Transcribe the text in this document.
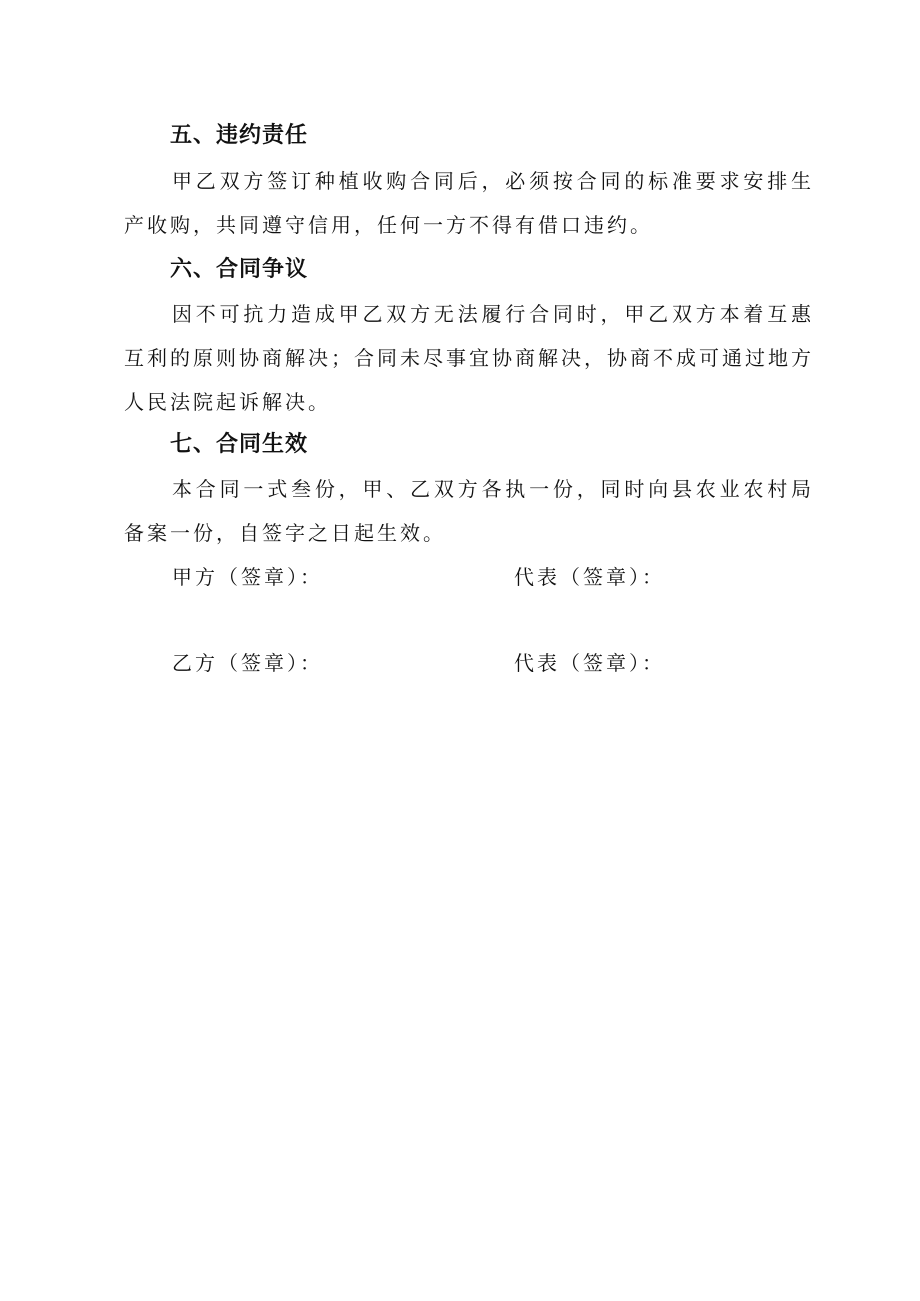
五、违约责任

甲乙双方签订种植收购合同后，必须按合同的标准要求安排生产收购，共同遵守信用，任何一方不得有借口违约。

六、合同争议

因不可抗力造成甲乙双方无法履行合同时，甲乙双方本着互惠互利的原则协商解决；合同未尽事宜协商解决，协商不成可通过地方人民法院起诉解决。

七、合同生效

本合同一式叁份，甲、乙双方各执一份，同时向县农业农村局备案一份，自签字之日起生效。

甲方（签章）：	代表（签章）：
乙方（签章）：	代表（签章）：
